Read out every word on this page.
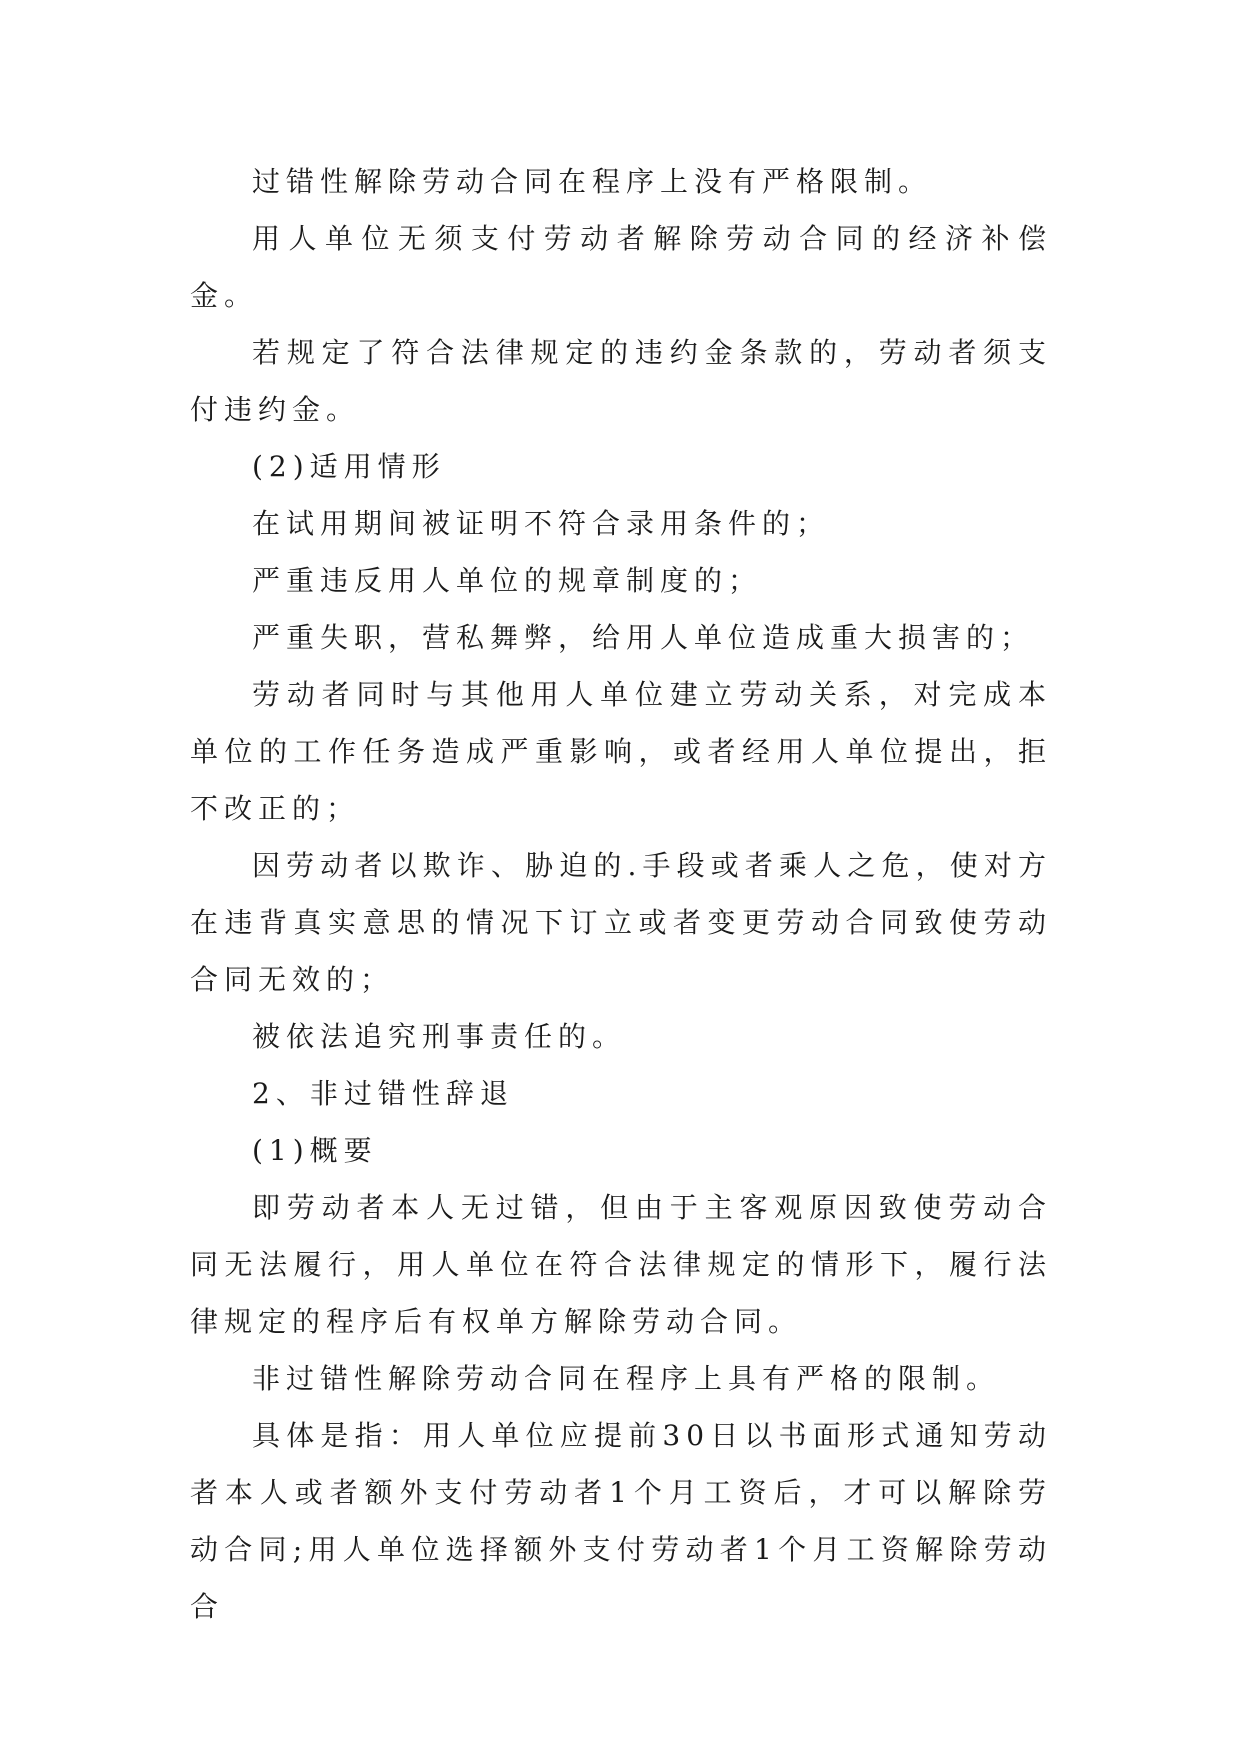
过错性解除劳动合同在程序上没有严格限制。

用人单位无须支付劳动者解除劳动合同的经济补偿金。

若规定了符合法律规定的违约金条款的，劳动者须支付违约金。

(2)适用情形

在试用期间被证明不符合录用条件的；

严重违反用人单位的规章制度的；

严重失职，营私舞弊，给用人单位造成重大损害的；

劳动者同时与其他用人单位建立劳动关系，对完成本单位的工作任务造成严重影响，或者经用人单位提出，拒不改正的；

因劳动者以欺诈、胁迫的.手段或者乘人之危，使对方在违背真实意思的情况下订立或者变更劳动合同致使劳动合同无效的；

被依法追究刑事责任的。

2、非过错性辞退

(1)概要

即劳动者本人无过错，但由于主客观原因致使劳动合同无法履行，用人单位在符合法律规定的情形下，履行法律规定的程序后有权单方解除劳动合同。

非过错性解除劳动合同在程序上具有严格的限制。

具体是指：用人单位应提前30日以书面形式通知劳动者本人或者额外支付劳动者1个月工资后，才可以解除劳动合同;用人单位选择额外支付劳动者1个月工资解除劳动合
